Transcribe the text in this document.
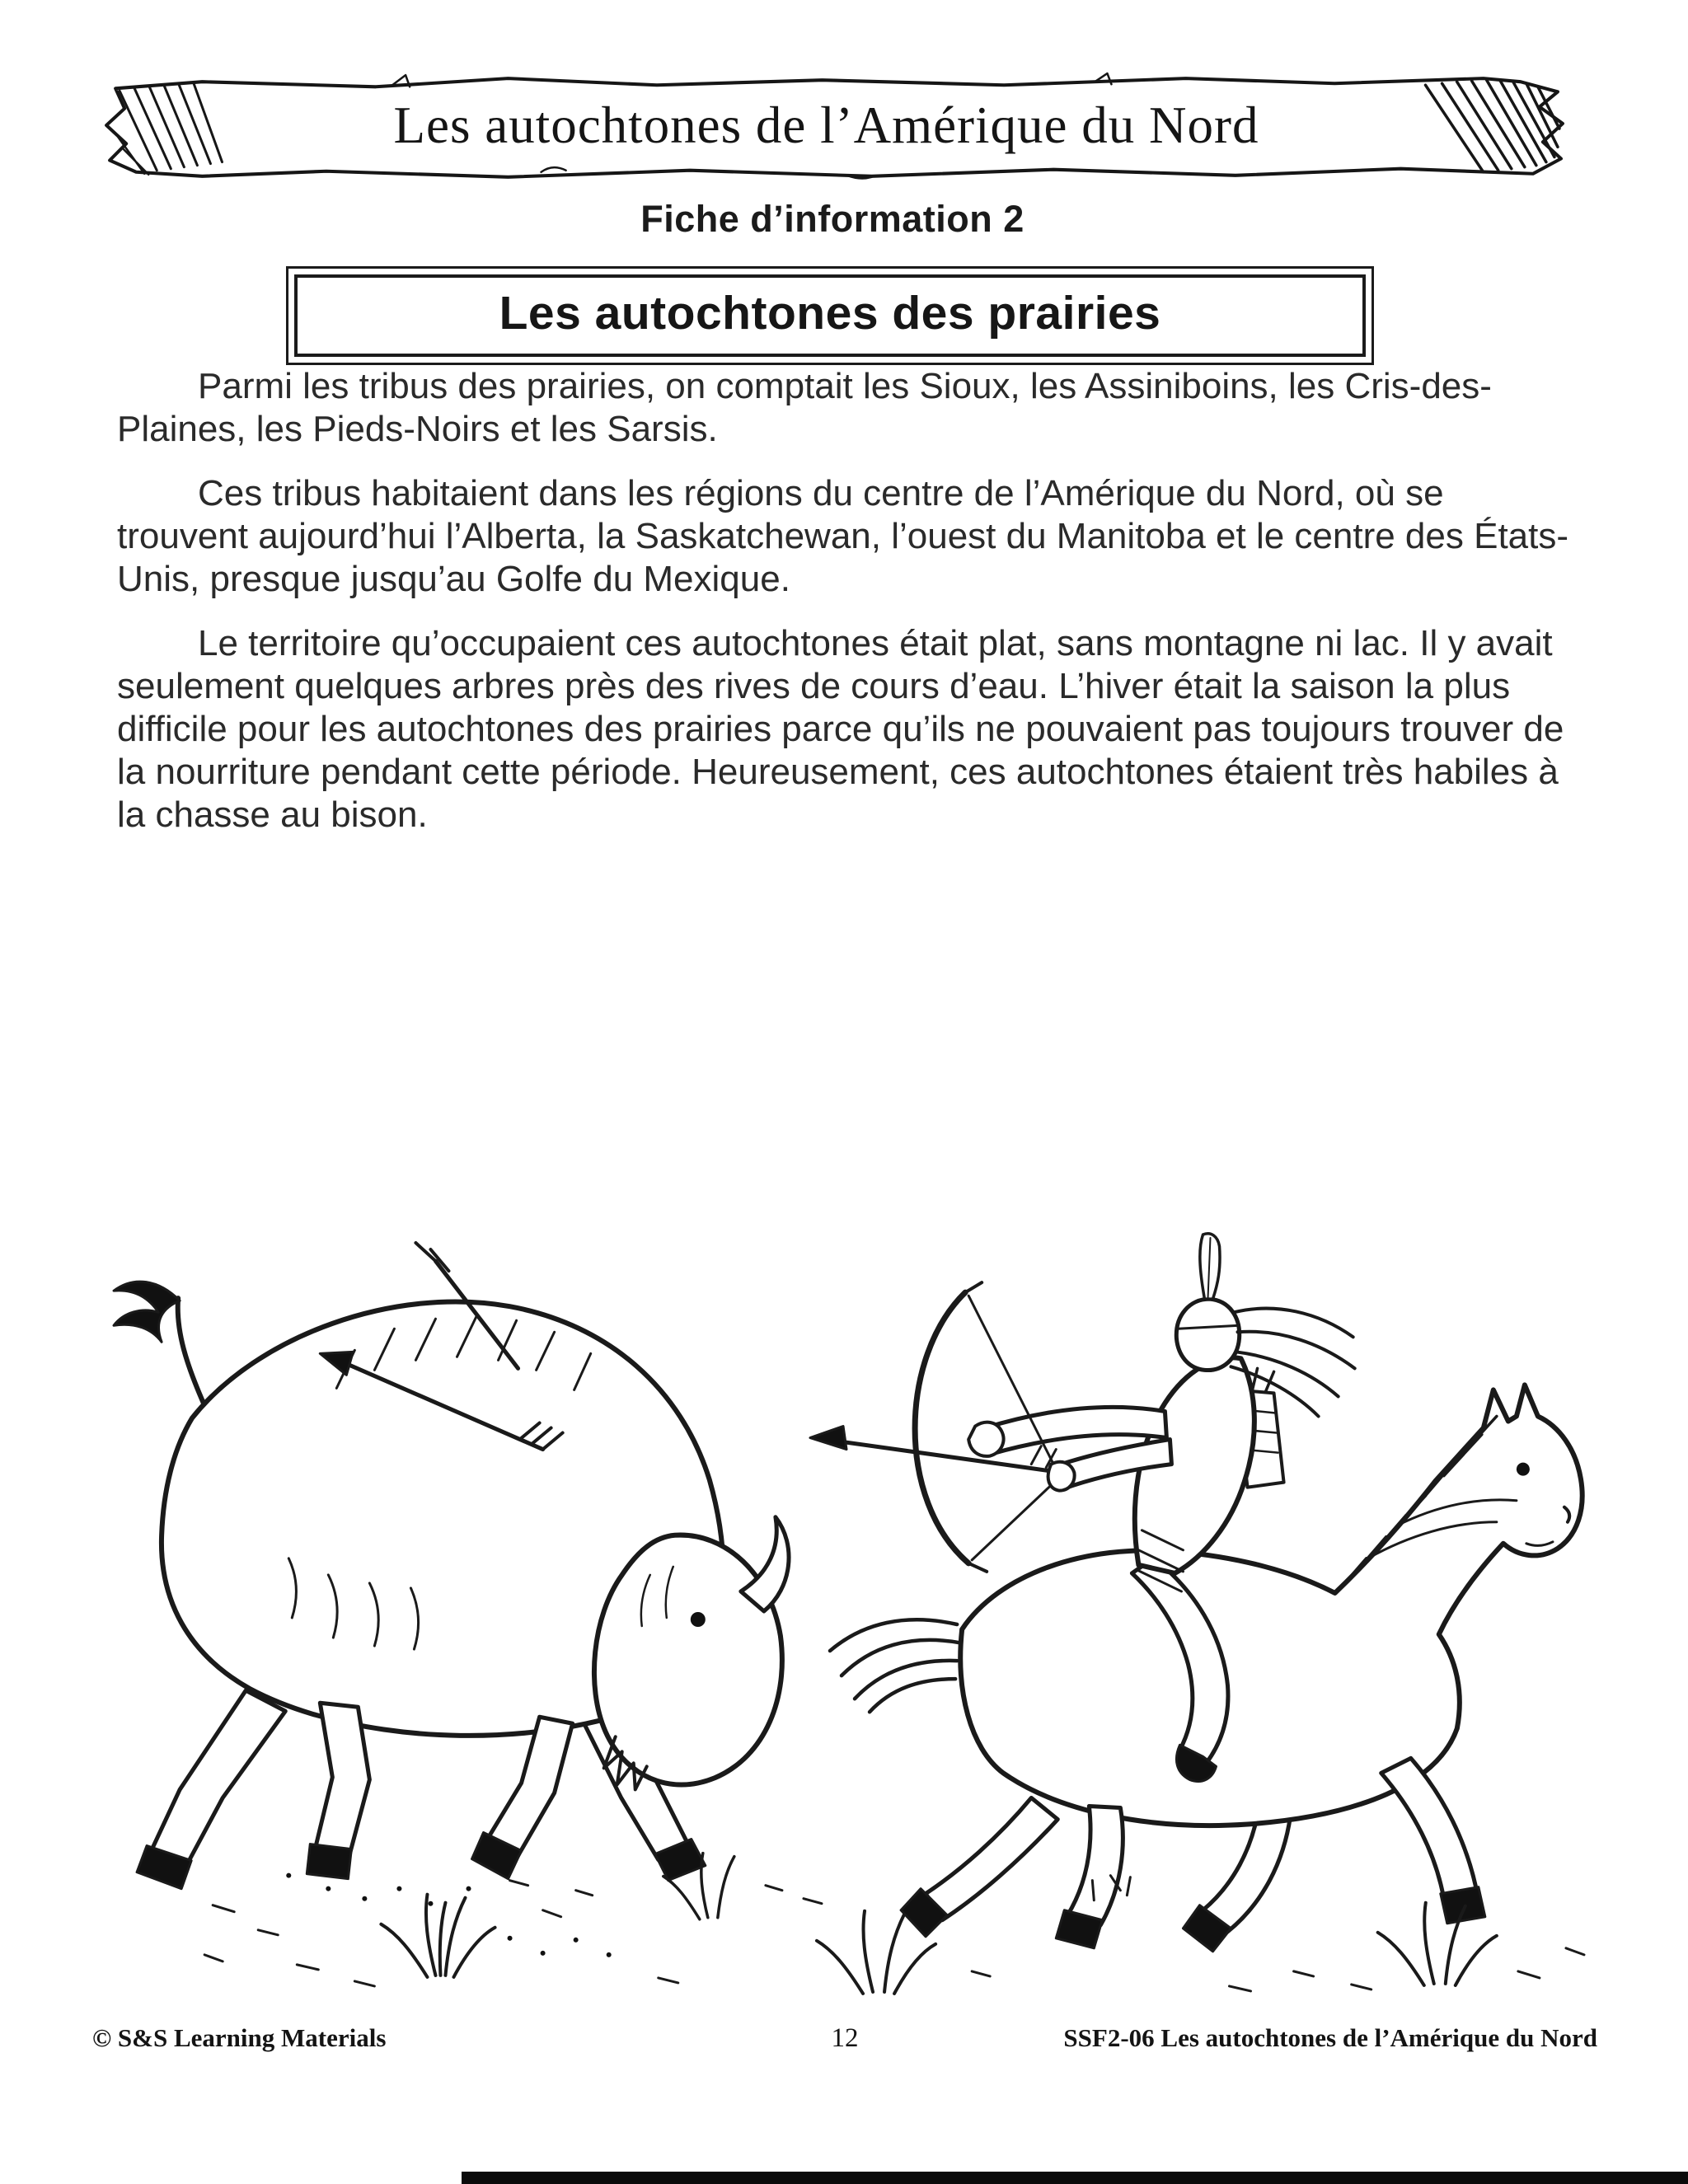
Les autochtones de l’Amérique du Nord
Fiche d’information 2
Les autochtones des prairies

Parmi les tribus des prairies, on comptait les Sioux, les Assiniboins, les Cris-des-Plaines, les Pieds-Noirs et les Sarsis.

Ces tribus habitaient dans les régions du centre de l’Amérique du Nord, où se trouvent aujourd’hui l’Alberta, la Saskatchewan, l’ouest du Manitoba et le centre des États-Unis, presque jusqu’au Golfe du Mexique.

Le territoire qu’occupaient ces autochtones était plat, sans montagne ni lac. Il y avait seulement quelques arbres près des rives de cours d’eau. L’hiver était la saison la plus difficile pour les autochtones des prairies parce qu’ils ne pouvaient pas toujours trouver de la nourriture pendant cette période. Heureusement, ces autochtones étaient très habiles à la chasse au bison.

© S&S Learning Materials	12	SSF2-06 Les autochtones de l’Amérique du Nord
